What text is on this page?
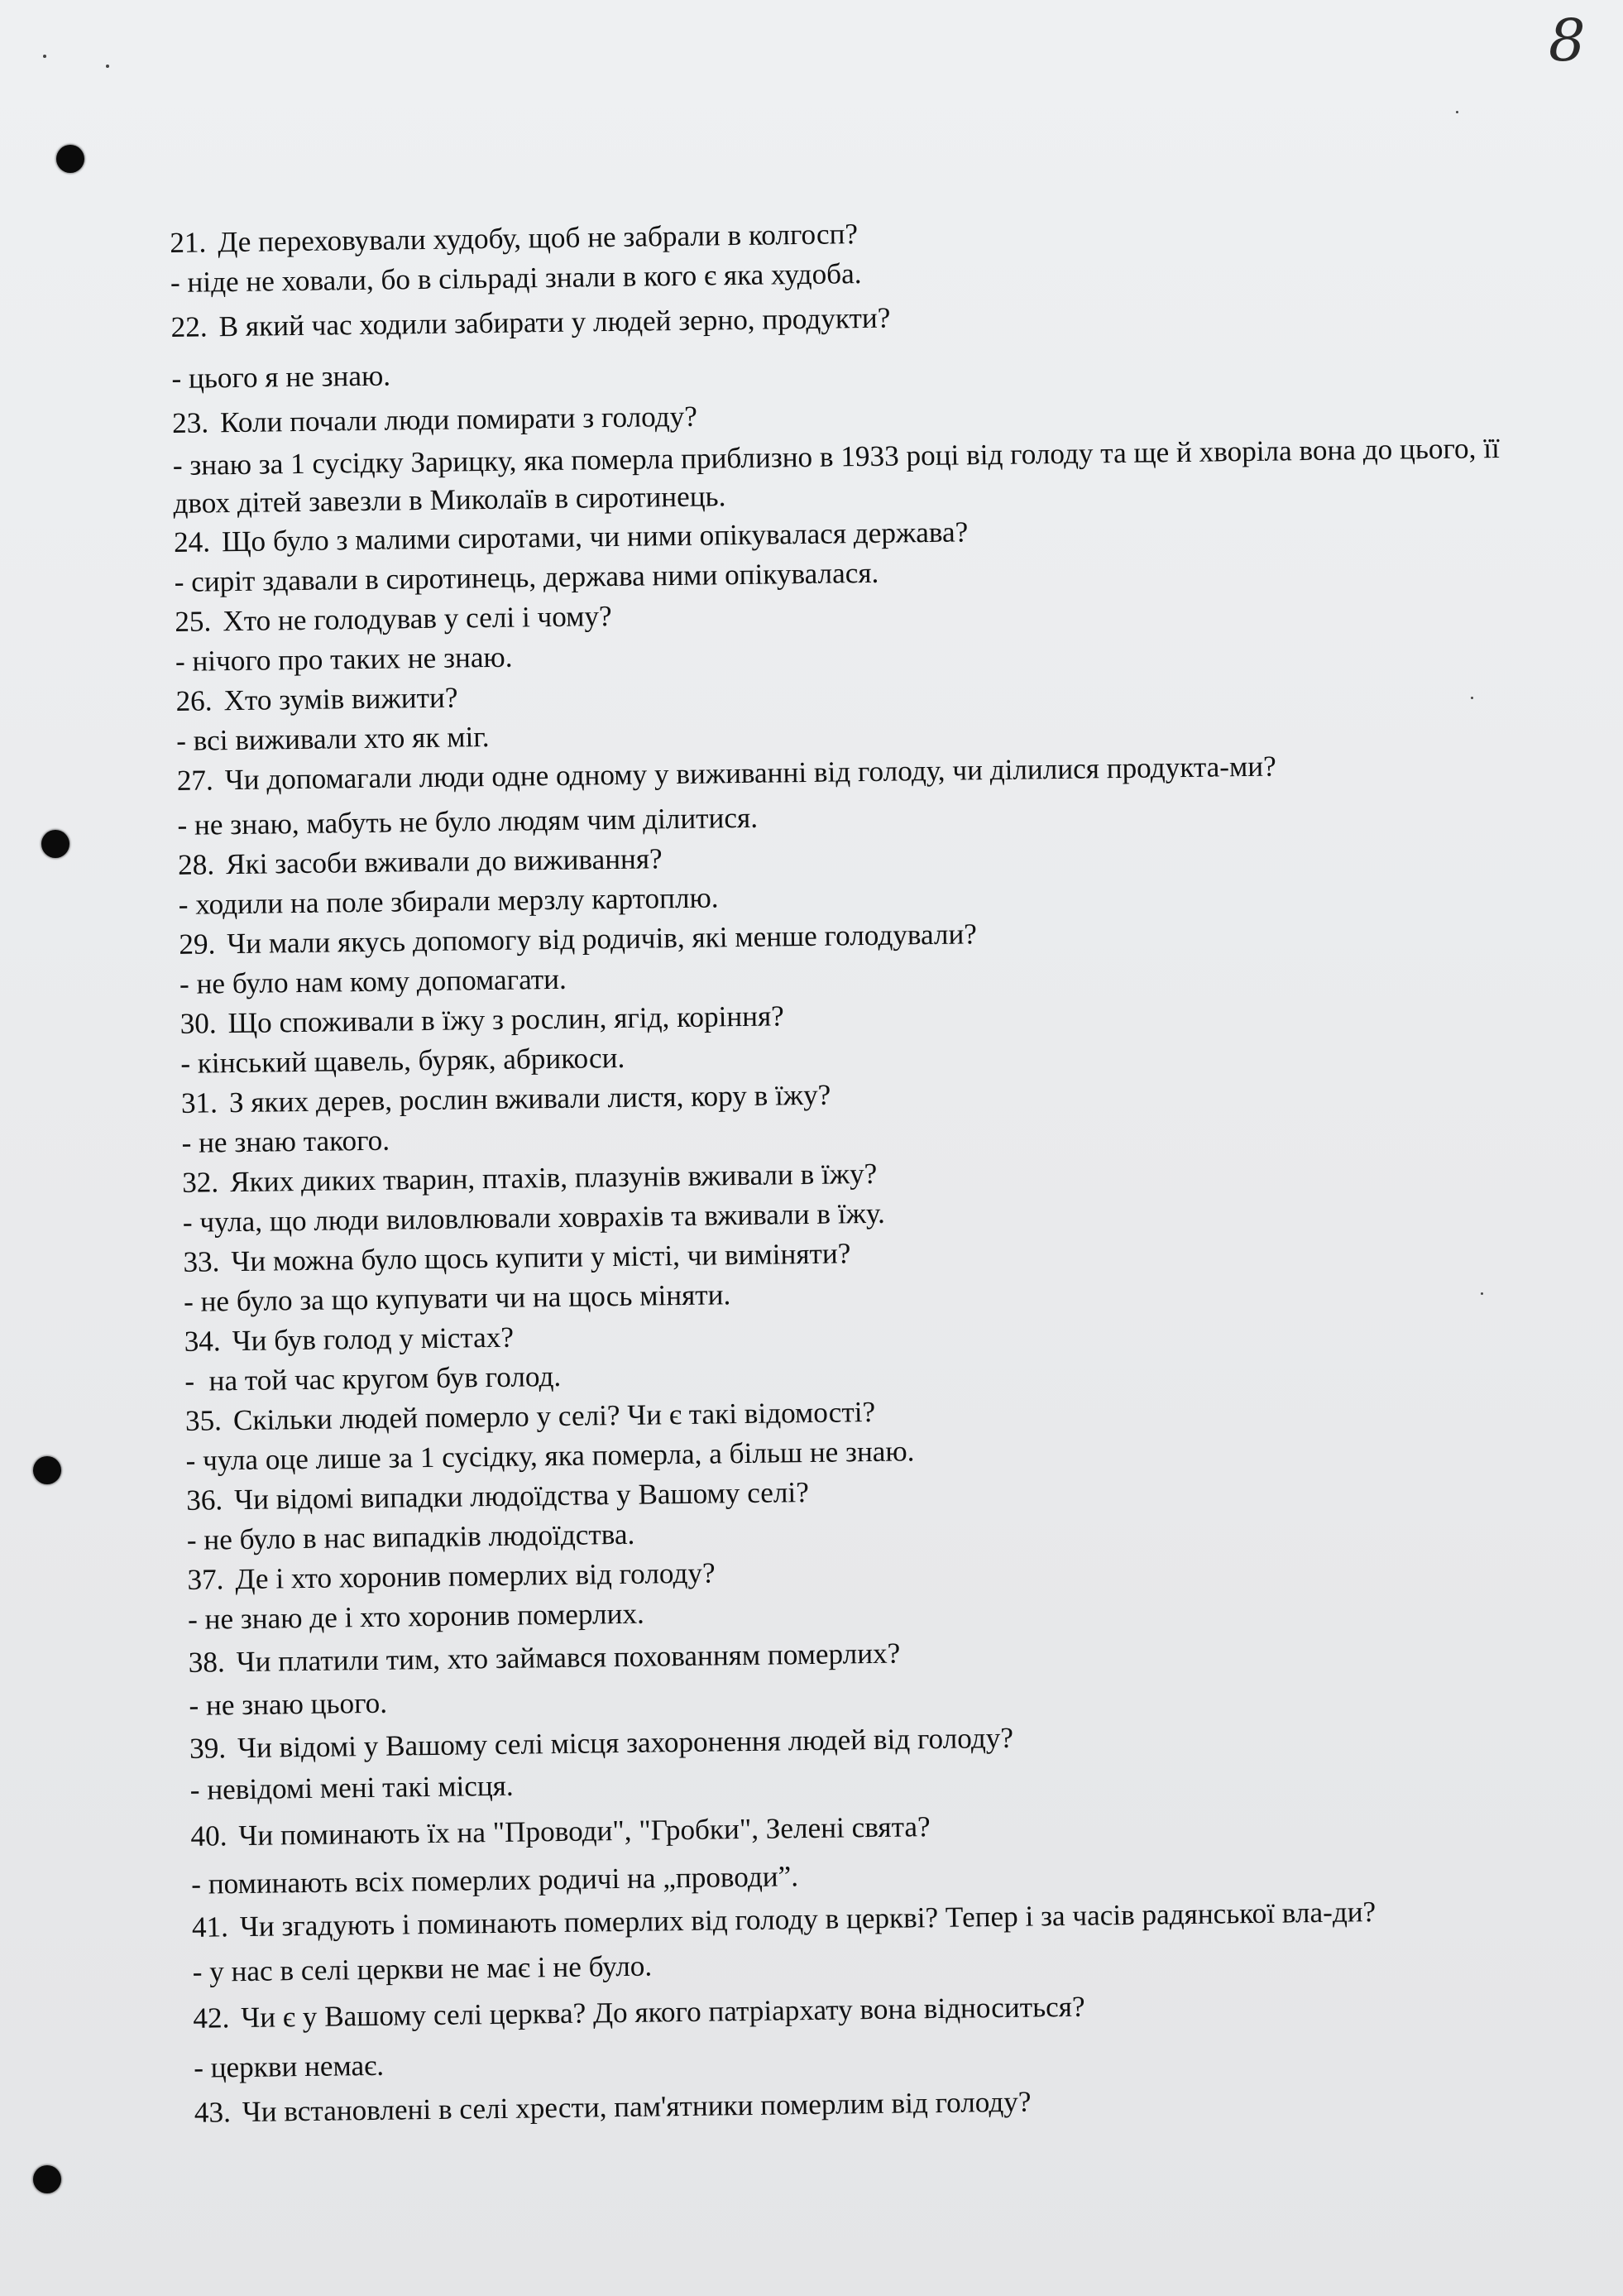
8
21. Де переховували худобу, щоб не забрали в колгосп?
- ніде не ховали, бо в сільраді знали в кого є яка худоба.
22. В який час ходили забирати у людей зерно, продукти?
- цього я не знаю.
23. Коли почали люди помирати з голоду?
- знаю за 1 сусідку Зарицку, яка померла приблизно в 1933 році від голоду та ще й хворіла вона до цього, її двох дітей завезли в Миколаїв в сиротинець.
24. Що було з малими сиротами, чи ними опікувалася держава?
- сиріт здавали в сиротинець, держава ними опікувалася.
25. Хто не голодував у селі і чому?
- нічого про таких не знаю.
26. Хто зумів вижити?
- всі виживали хто як міг.
27. Чи допомагали люди одне одному у виживанні від голоду, чи ділилися продукта-ми?
- не знаю, мабуть не було людям чим ділитися.
28. Які засоби вживали до виживання?
- ходили на поле збирали мерзлу картоплю.
29. Чи мали якусь допомогу від родичів, які менше голодували?
- не було нам кому допомагати.
30. Що споживали в їжу з рослин, ягід, коріння?
- кінський щавель, буряк, абрикоси.
31. З яких дерев, рослин вживали листя, кору в їжу?
- не знаю такого.
32. Яких диких тварин, птахів, плазунів вживали в їжу?
- чула, що люди виловлювали ховрахів та вживали в їжу.
33. Чи можна було щось купити у місті, чи виміняти?
- не було за що купувати чи на щось міняти.
34. Чи був голод у містах?
-  на той час кругом був голод.
35. Скільки людей померло у селі? Чи є такі відомості?
- чула оце лише за 1 сусідку, яка померла, а більш не знаю.
36. Чи відомі випадки людоїдства у Вашому селі?
- не було в нас випадків людоїдства.
37. Де і хто хоронив померлих від голоду?
- не знаю де і хто хоронив померлих.
38. Чи платили тим, хто займався похованням померлих?
- не знаю цього.
39. Чи відомі у Вашому селі місця захоронення людей від голоду?
- невідомі мені такі місця.
40. Чи поминають їх на "Проводи", "Гробки", Зелені свята?
- поминають всіх померлих родичі на „проводи”.
41. Чи згадують і поминають померлих від голоду в церкві? Тепер і за часів радянської вла-ди?
- у нас в селі церкви не має і не було.
42. Чи є у Вашому селі церква? До якого патріархату вона відноситься?
- церкви немає.
43. Чи встановлені в селі хрести, пам'ятники померлим від голоду?
